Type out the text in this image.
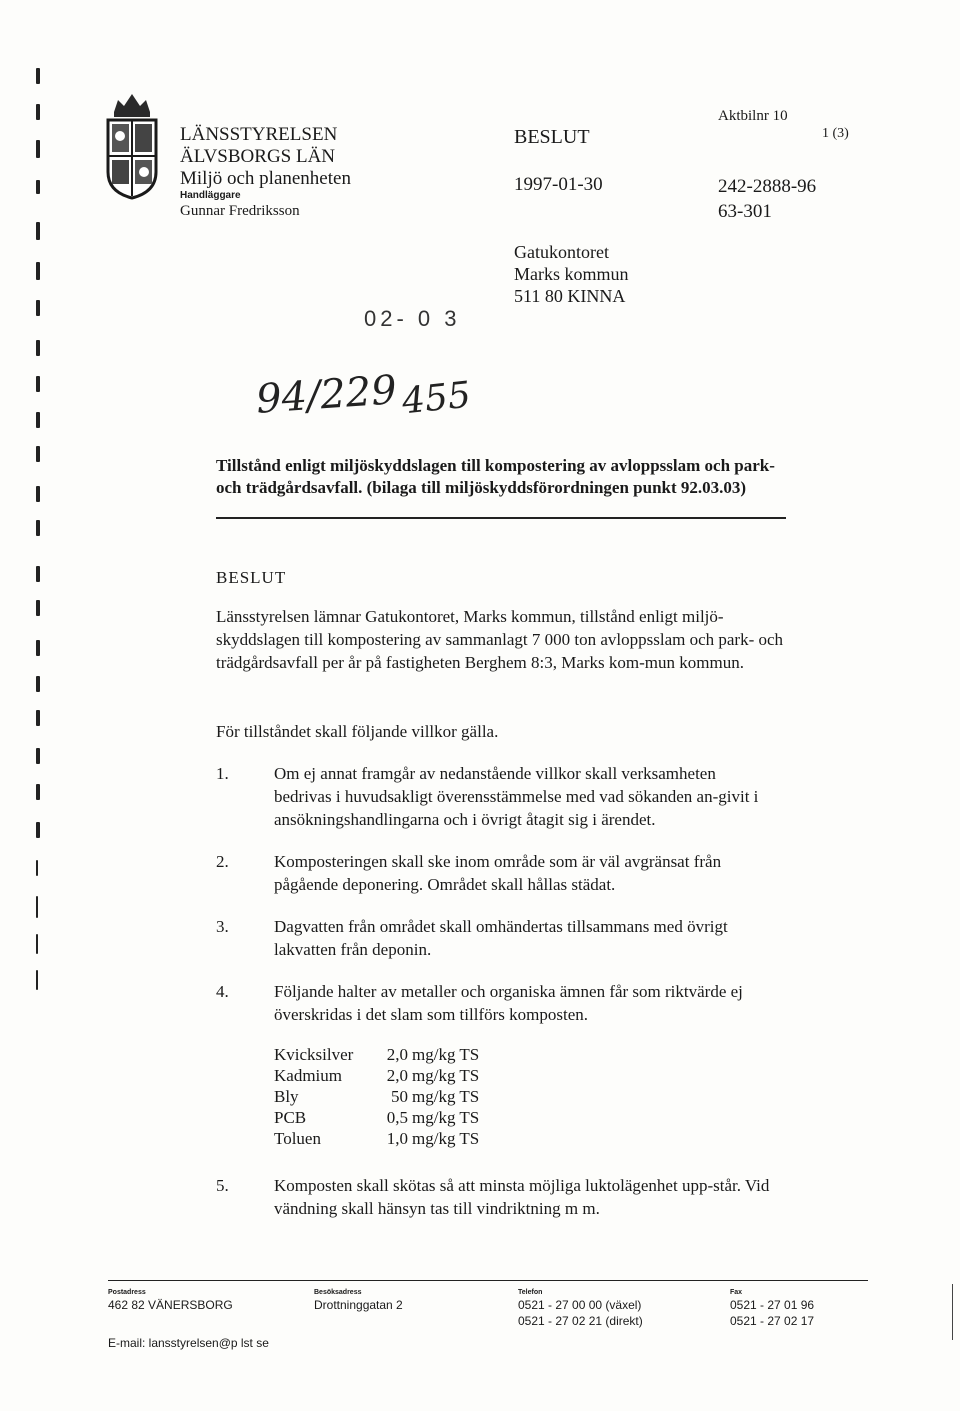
LÄNSSTYRELSEN
ÄLVSBORGS LÄN
Miljö och planenheten
Handläggare
Gunnar Fredriksson
BESLUT
Aktbilnr 10
1 (3)
1997-01-30	242-2888-96
63-301
Gatukontoret
Marks kommun
511 80 KINNA
02- 0 3
94/229 455
Tillstånd enligt miljöskyddslagen till kompostering av avloppsslam och park- och trädgårdsavfall. (bilaga till miljöskyddsförordningen punkt 92.03.03)
BESLUT
Länsstyrelsen lämnar Gatukontoret, Marks kommun, tillstånd enligt miljö-skyddslagen till kompostering av sammanlagt 7 000 ton avloppsslam och park- och trädgårdsavfall per år på fastigheten Berghem 8:3, Marks kom-mun kommun.
För tillståndet skall följande villkor gälla.
1.	Om ej annat framgår av nedanstående villkor skall verksamheten bedrivas i huvudsakligt överensstämmelse med vad sökanden an-givit i ansökningshandlingarna och i övrigt åtagit sig i ärendet.
2.	Komposteringen skall ske inom område som är väl avgränsat från pågående deponering. Området skall hållas städat.
3.	Dagvatten från området skall omhändertas tillsammans med övrigt lakvatten från deponin.
4.	Följande halter av metaller och organiska ämnen får som riktvärde ej överskridas i det slam som tillförs komposten.
Kvicksilver	2,0	mg/kg TS
Kadmium	2,0	mg/kg TS
Bly	50	mg/kg TS
PCB	0,5	mg/kg TS
Toluen	1,0	mg/kg TS
5.	Komposten skall skötas så att minsta möjliga luktolägenhet upp-står. Vid vändning skall hänsyn tas till vindriktning m m.
Postadress
462 82 VÄNERSBORG
Besöksadress
Drottninggatan 2
Telefon
0521 - 27 00 00 (växel)
0521 - 27 02 21 (direkt)
Fax
0521 - 27 01 96
0521 - 27 02 17
E-mail: lansstyrelsen@p lst se
